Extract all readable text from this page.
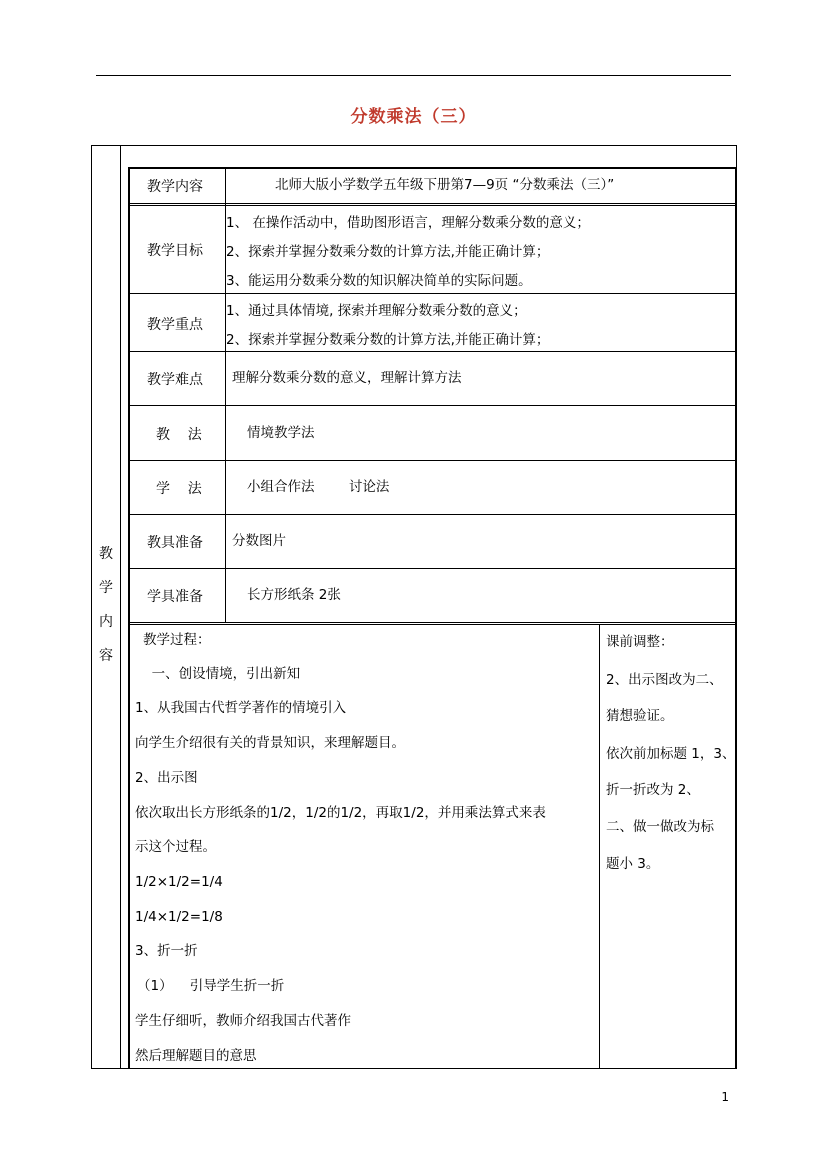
分数乘法（三）
教
学
内
容
教学内容	北师大版小学数学五年级下册第7—9页 “分数乘法（三）”
教学目标
1、 在操作活动中，借助图形语言，理解分数乘分数的意义；
2、探索并掌握分数乘分数的计算方法,并能正确计算；
3、能运用分数乘分数的知识解决简单的实际问题。
教学重点
1、通过具体情境, 探索并理解分数乘分数的意义；
2、探索并掌握分数乘分数的计算方法,并能正确计算；
教学难点 理解分数乘分数的意义，理解计算方法
教    法	情境教学法
学    法	小组合作法        讨论法
教具准备 分数图片
学具准备	长方形纸条 2张
教学过程：
一、创设情境，引出新知
1、从我国古代哲学著作的情境引入
向学生介绍很有关的背景知识，来理解题目。
2、出示图
依次取出长方形纸条的1/2，1/2的1/2，再取1/2，并用乘法算式来表
示这个过程。
1/2×1/2=1/4
1/4×1/2=1/8
3、折一折
（1）    引导学生折一折
学生仔细听，教师介绍我国古代著作
然后理解题目的意思
课前调整：
2、出示图改为二、
猜想验证。
依次前加标题 1，3、
折一折改为 2、
二、做一做改为标
题小 3。
1
